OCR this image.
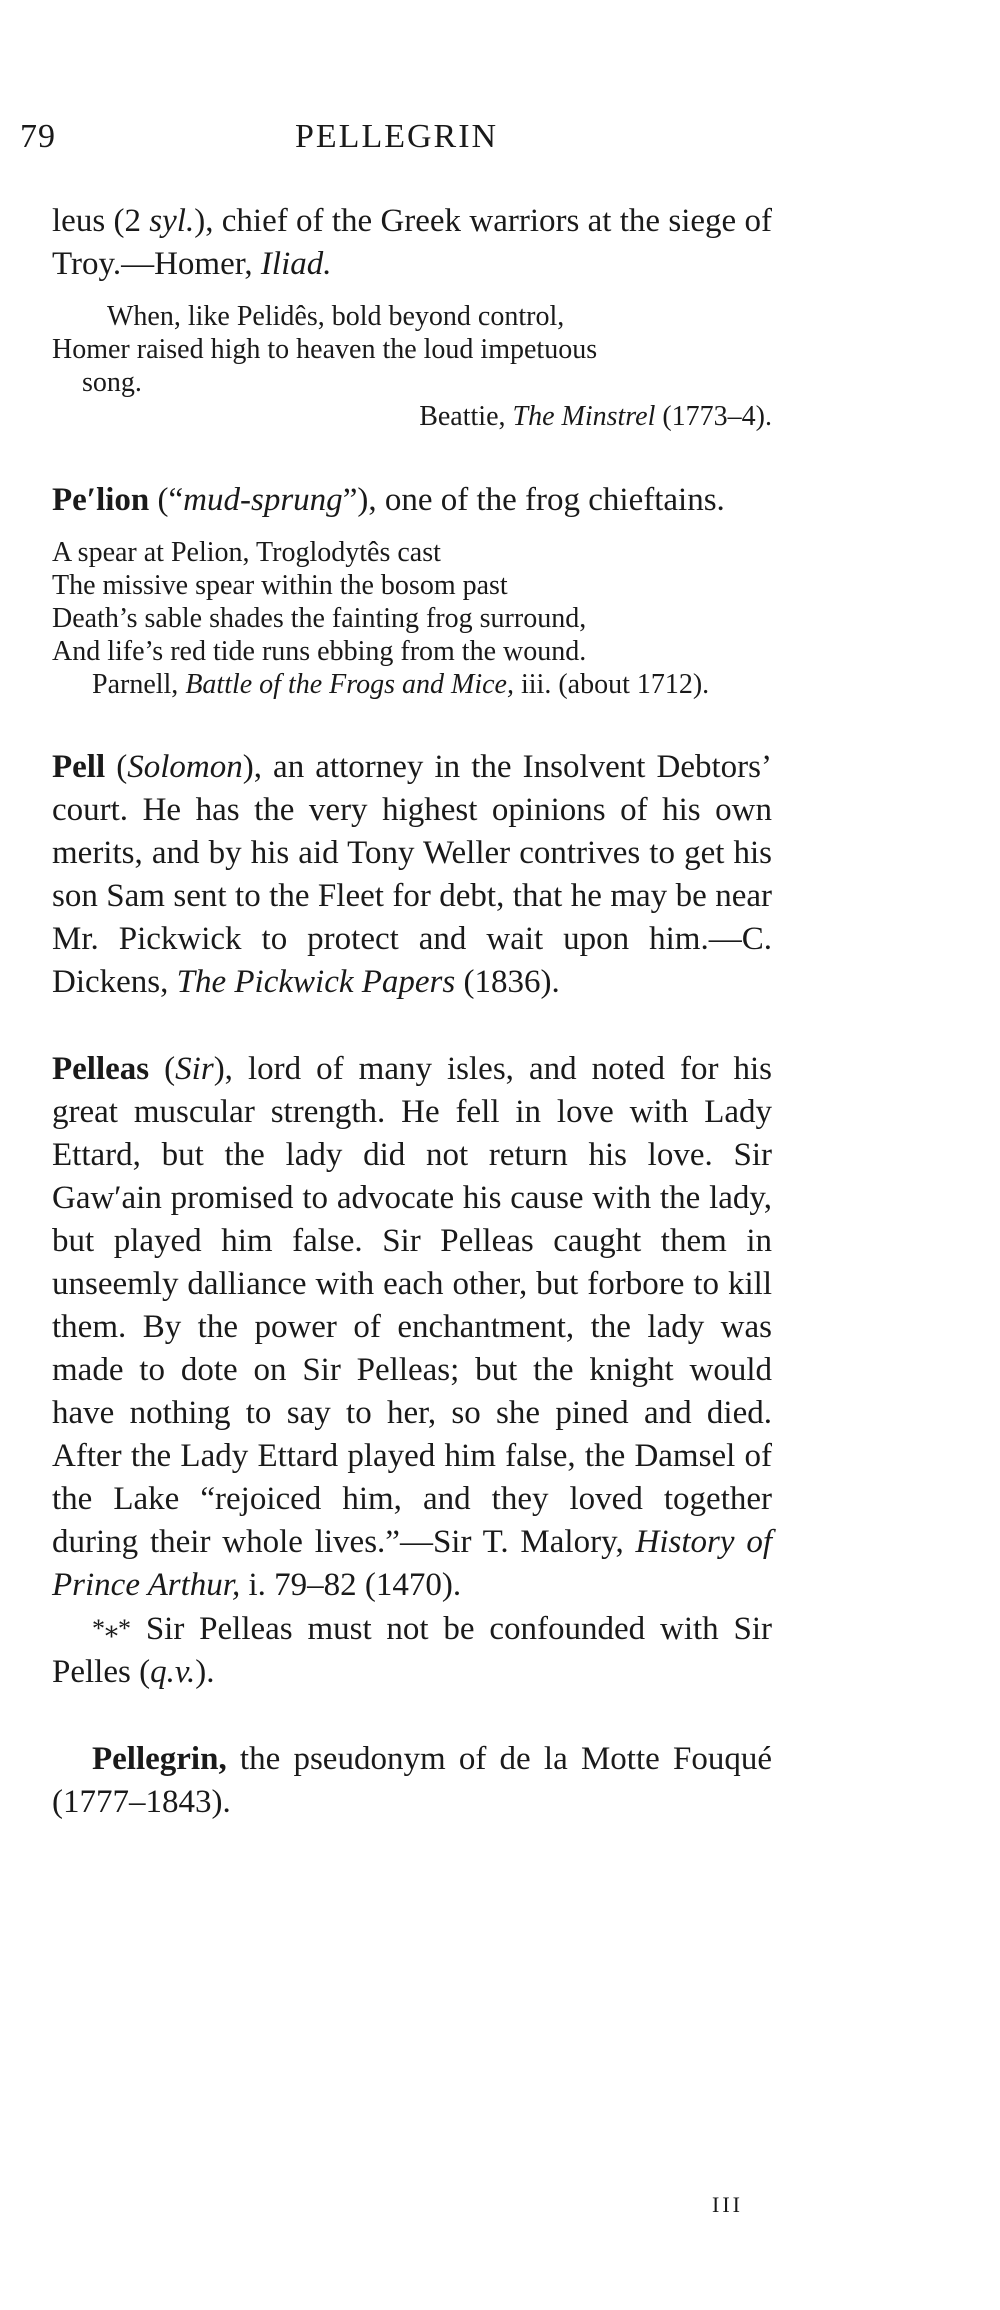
79	PELLEGRIN

leus (2 syl.), chief of the Greek warriors at the siege of Troy.—Homer, Iliad.

When, like Pelidês, bold beyond control,
Homer raised high to heaven the loud impetuous
song.
Beattie, The Minstrel (1773–4).

Pe′lion (“mud-sprung”), one of the frog chieftains.

A spear at Pelion, Troglodytês cast
The missive spear within the bosom past
Death’s sable shades the fainting frog surround,
And life’s red tide runs ebbing from the wound.
Parnell, Battle of the Frogs and Mice, iii. (about 1712).

Pell (Solomon), an attorney in the Insolvent Debtors’ court. He has the very highest opinions of his own merits, and by his aid Tony Weller contrives to get his son Sam sent to the Fleet for debt, that he may be near Mr. Pickwick to protect and wait upon him.—C. Dickens, The Pickwick Papers (1836).

Pelleas (Sir), lord of many isles, and noted for his great muscular strength. He fell in love with Lady Ettard, but the lady did not return his love. Sir Gaw′ain promised to advocate his cause with the lady, but played him false. Sir Pelleas caught them in unseemly dalliance with each other, but forbore to kill them. By the power of enchantment, the lady was made to dote on Sir Pelleas; but the knight would have nothing to say to her, so she pined and died. After the Lady Ettard played him false, the Damsel of the Lake “rejoiced him, and they loved together during their whole lives.”—Sir T. Malory, History of Prince Arthur, i. 79–82 (1470).

*⁎* Sir Pelleas must not be confounded with Sir Pelles (q.v.).

Pellegrin, the pseudonym of de la Motte Fouqué (1777–1843).

III
